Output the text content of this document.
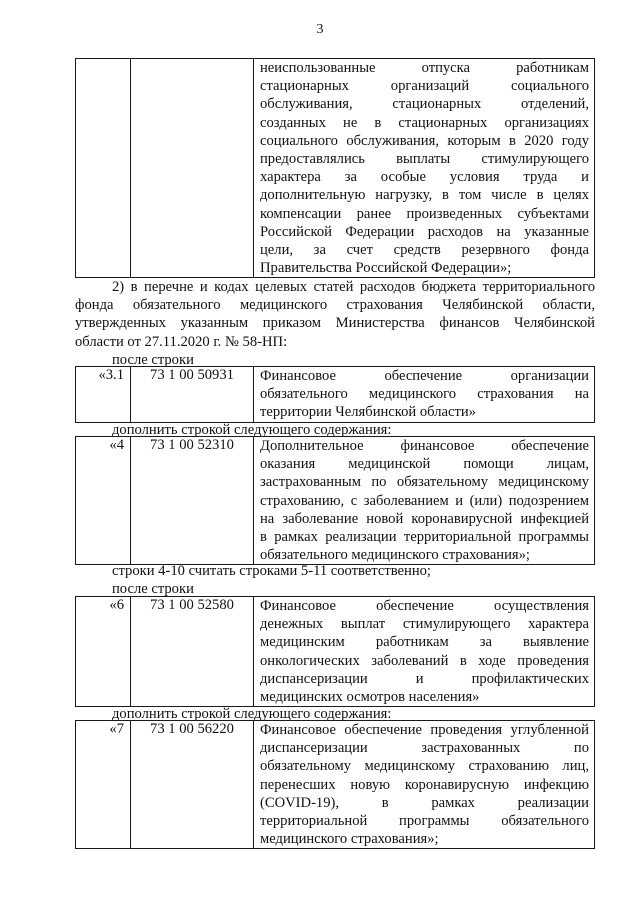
3

неиспользованные отпуска работникам
стационарных организаций социального
обслуживания, стационарных отделений,
созданных не в стационарных организациях
социального обслуживания, которым в 2020 году
предоставлялись выплаты стимулирующего
характера за особые условия труда и
дополнительную нагрузку, в том числе в целях
компенсации ранее произведенных субъектами
Российской Федерации расходов на указанные
цели, за счет средств резервного фонда
Правительства Российской Федерации»;
2) в перечне и кодах целевых статей расходов бюджета территориального
фонда обязательного медицинского страхования Челябинской области,
утвержденных указанным приказом Министерства финансов Челябинской
области от 27.11.2020 г. № 58-НП:
после строки
«3.1	73 1 00 50931	Финансовое обеспечение организации
обязательного медицинского страхования на
территории Челябинской области»
дополнить строкой следующего содержания:
«4	73 1 00 52310	Дополнительное финансовое обеспечение
оказания медицинской помощи лицам,
застрахованным по обязательному медицинскому
страхованию, с заболеванием и (или) подозрением
на заболевание новой коронавирусной инфекцией
в рамках реализации территориальной программы
обязательного медицинского страхования»;
строки 4-10 считать строками 5-11 соответственно;
после строки
«6	73 1 00 52580	Финансовое обеспечение осуществления
денежных выплат стимулирующего характера
медицинским работникам за выявление
онкологических заболеваний в ходе проведения
диспансеризации и профилактических
медицинских осмотров населения»
дополнить строкой следующего содержания:
«7	73 1 00 56220	Финансовое обеспечение проведения углубленной
диспансеризации застрахованных по
обязательному медицинскому страхованию лиц,
перенесших новую коронавирусную инфекцию
(COVID-19), в рамках реализации
территориальной программы обязательного
медицинского страхования»;
